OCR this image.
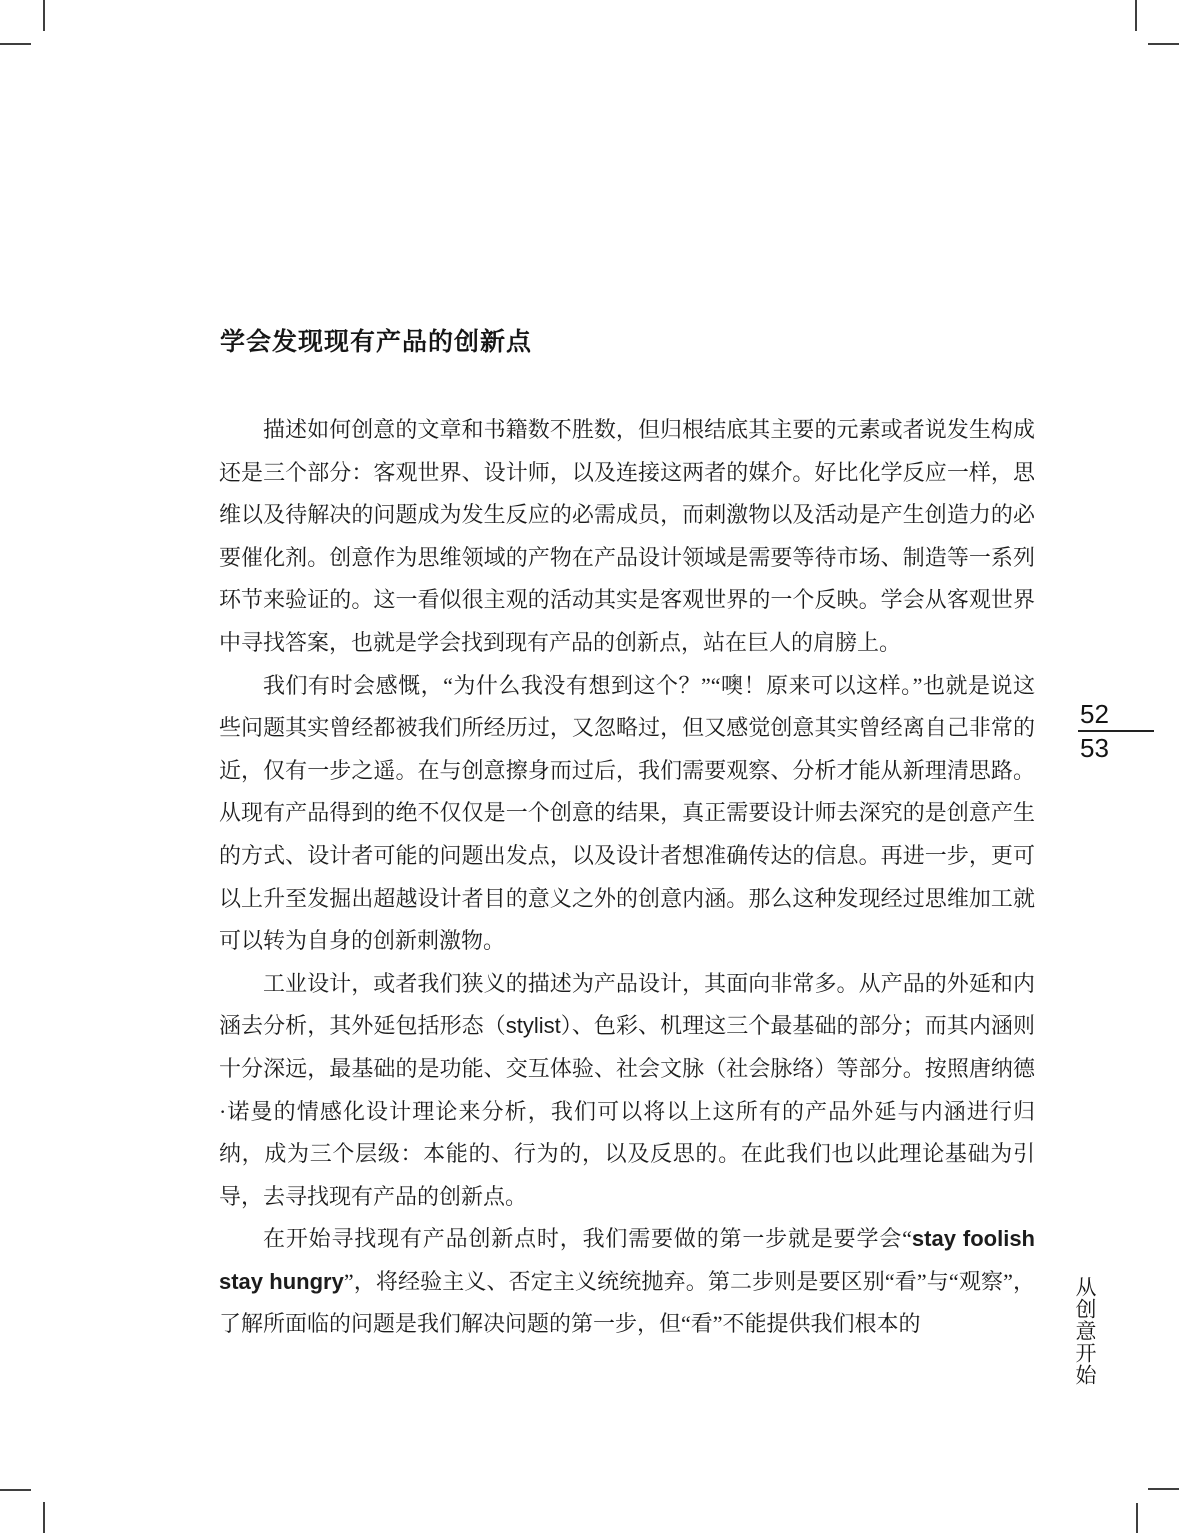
学会发现现有产品的创新点

描述如何创意的文章和书籍数不胜数，但归根结底其主要的元素或者说发生构成还是三个部分：客观世界、设计师，以及连接这两者的媒介。好比化学反应一样，思维以及待解决的问题成为发生反应的必需成员，而刺激物以及活动是产生创造力的必要催化剂。创意作为思维领域的产物在产品设计领域是需要等待市场、制造等一系列环节来验证的。这一看似很主观的活动其实是客观世界的一个反映。学会从客观世界中寻找答案，也就是学会找到现有产品的创新点，站在巨人的肩膀上。

我们有时会感慨，“为什么我没有想到这个？”“噢！原来可以这样。”也就是说这些问题其实曾经都被我们所经历过，又忽略过，但又感觉创意其实曾经离自己非常的近，仅有一步之遥。在与创意擦身而过后，我们需要观察、分析才能从新理清思路。从现有产品得到的绝不仅仅是一个创意的结果，真正需要设计师去深究的是创意产生的方式、设计者可能的问题出发点，以及设计者想准确传达的信息。再进一步，更可以上升至发掘出超越设计者目的意义之外的创意内涵。那么这种发现经过思维加工就可以转为自身的创新刺激物。

工业设计，或者我们狭义的描述为产品设计，其面向非常多。从产品的外延和内涵去分析，其外延包括形态（stylist）、色彩、机理这三个最基础的部分；而其内涵则十分深远，最基础的是功能、交互体验、社会文脉（社会脉络）等部分。按照唐纳德·诺曼的情感化设计理论来分析，我们可以将以上这所有的产品外延与内涵进行归纳，成为三个层级：本能的、行为的，以及反思的。在此我们也以此理论基础为引导，去寻找现有产品的创新点。

在开始寻找现有产品创新点时，我们需要做的第一步就是要学会“stay foolish stay hungry”，将经验主义、否定主义统统抛弃。第二步则是要区别“看”与“观察”，了解所面临的问题是我们解决问题的第一步，但“看”不能提供我们根本的

52
53
从创意开始
